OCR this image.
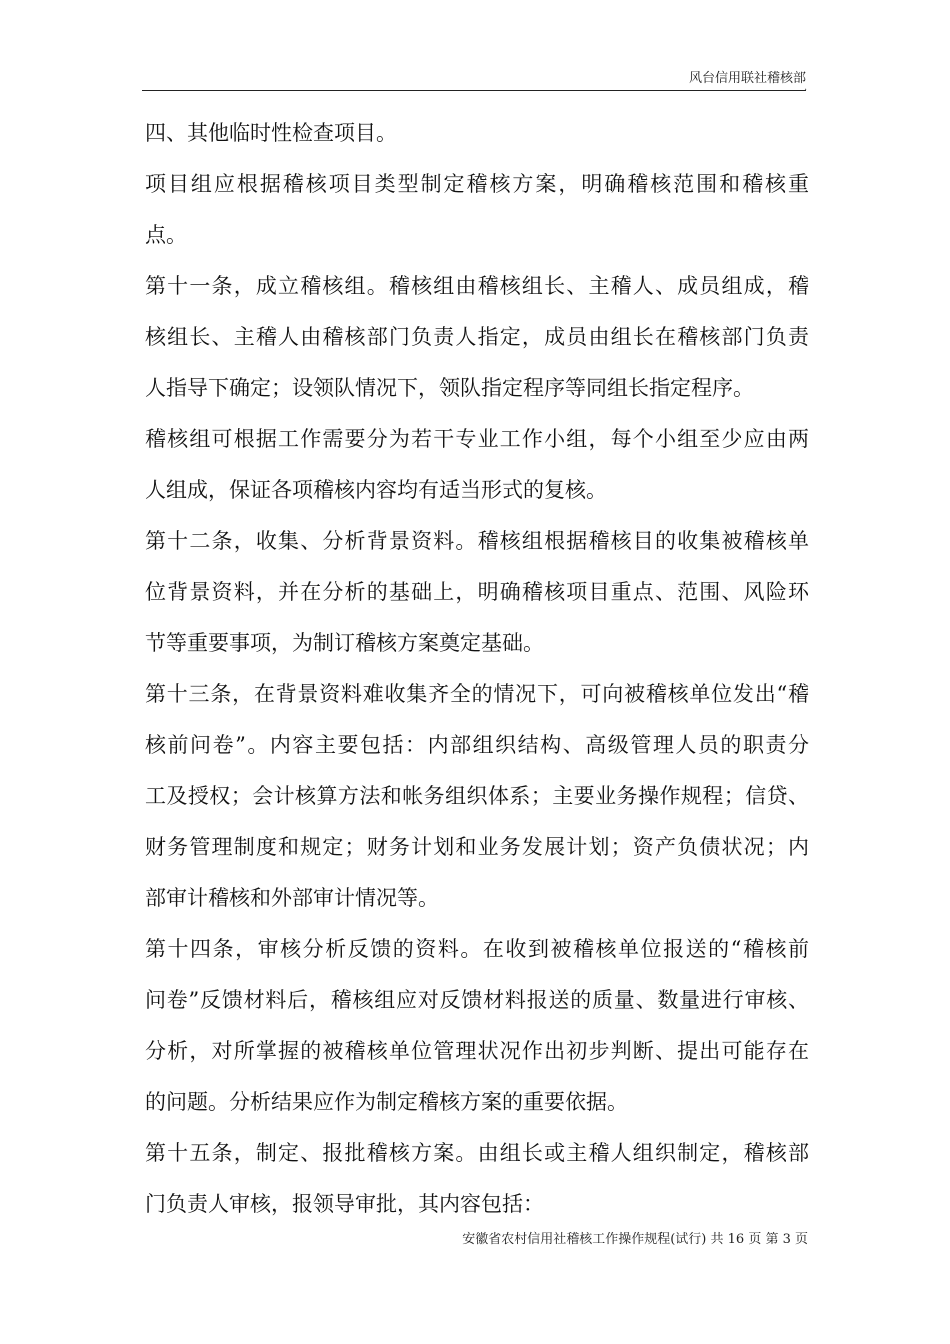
风台信用联社稽核部
.
四、其他临时性检查项目。
项目组应根据稽核项目类型制定稽核方案，明确稽核范围和稽核重
点。
第十一条，成立稽核组。稽核组由稽核组长、主稽人、成员组成，稽
核组长、主稽人由稽核部门负责人指定，成员由组长在稽核部门负责
人指导下确定；设领队情况下，领队指定程序等同组长指定程序。
稽核组可根据工作需要分为若干专业工作小组，每个小组至少应由两
人组成，保证各项稽核内容均有适当形式的复核。
第十二条，收集、分析背景资料。稽核组根据稽核目的收集被稽核单
位背景资料，并在分析的基础上，明确稽核项目重点、范围、风险环
节等重要事项，为制订稽核方案奠定基础。
第十三条，在背景资料难收集齐全的情况下，可向被稽核单位发出“稽
核前问卷”。内容主要包括：内部组织结构、高级管理人员的职责分
工及授权；会计核算方法和帐务组织体系；主要业务操作规程；信贷、
财务管理制度和规定；财务计划和业务发展计划；资产负债状况；内
部审计稽核和外部审计情况等。
第十四条，审核分析反馈的资料。在收到被稽核单位报送的“稽核前
问卷”反馈材料后，稽核组应对反馈材料报送的质量、数量进行审核、
分析，对所掌握的被稽核单位管理状况作出初步判断、提出可能存在
的问题。分析结果应作为制定稽核方案的重要依据。
第十五条，制定、报批稽核方案。由组长或主稽人组织制定，稽核部
门负责人审核，报领导审批，其内容包括：
安徽省农村信用社稽核工作操作规程(试行) 共 16 页 第 3 页
